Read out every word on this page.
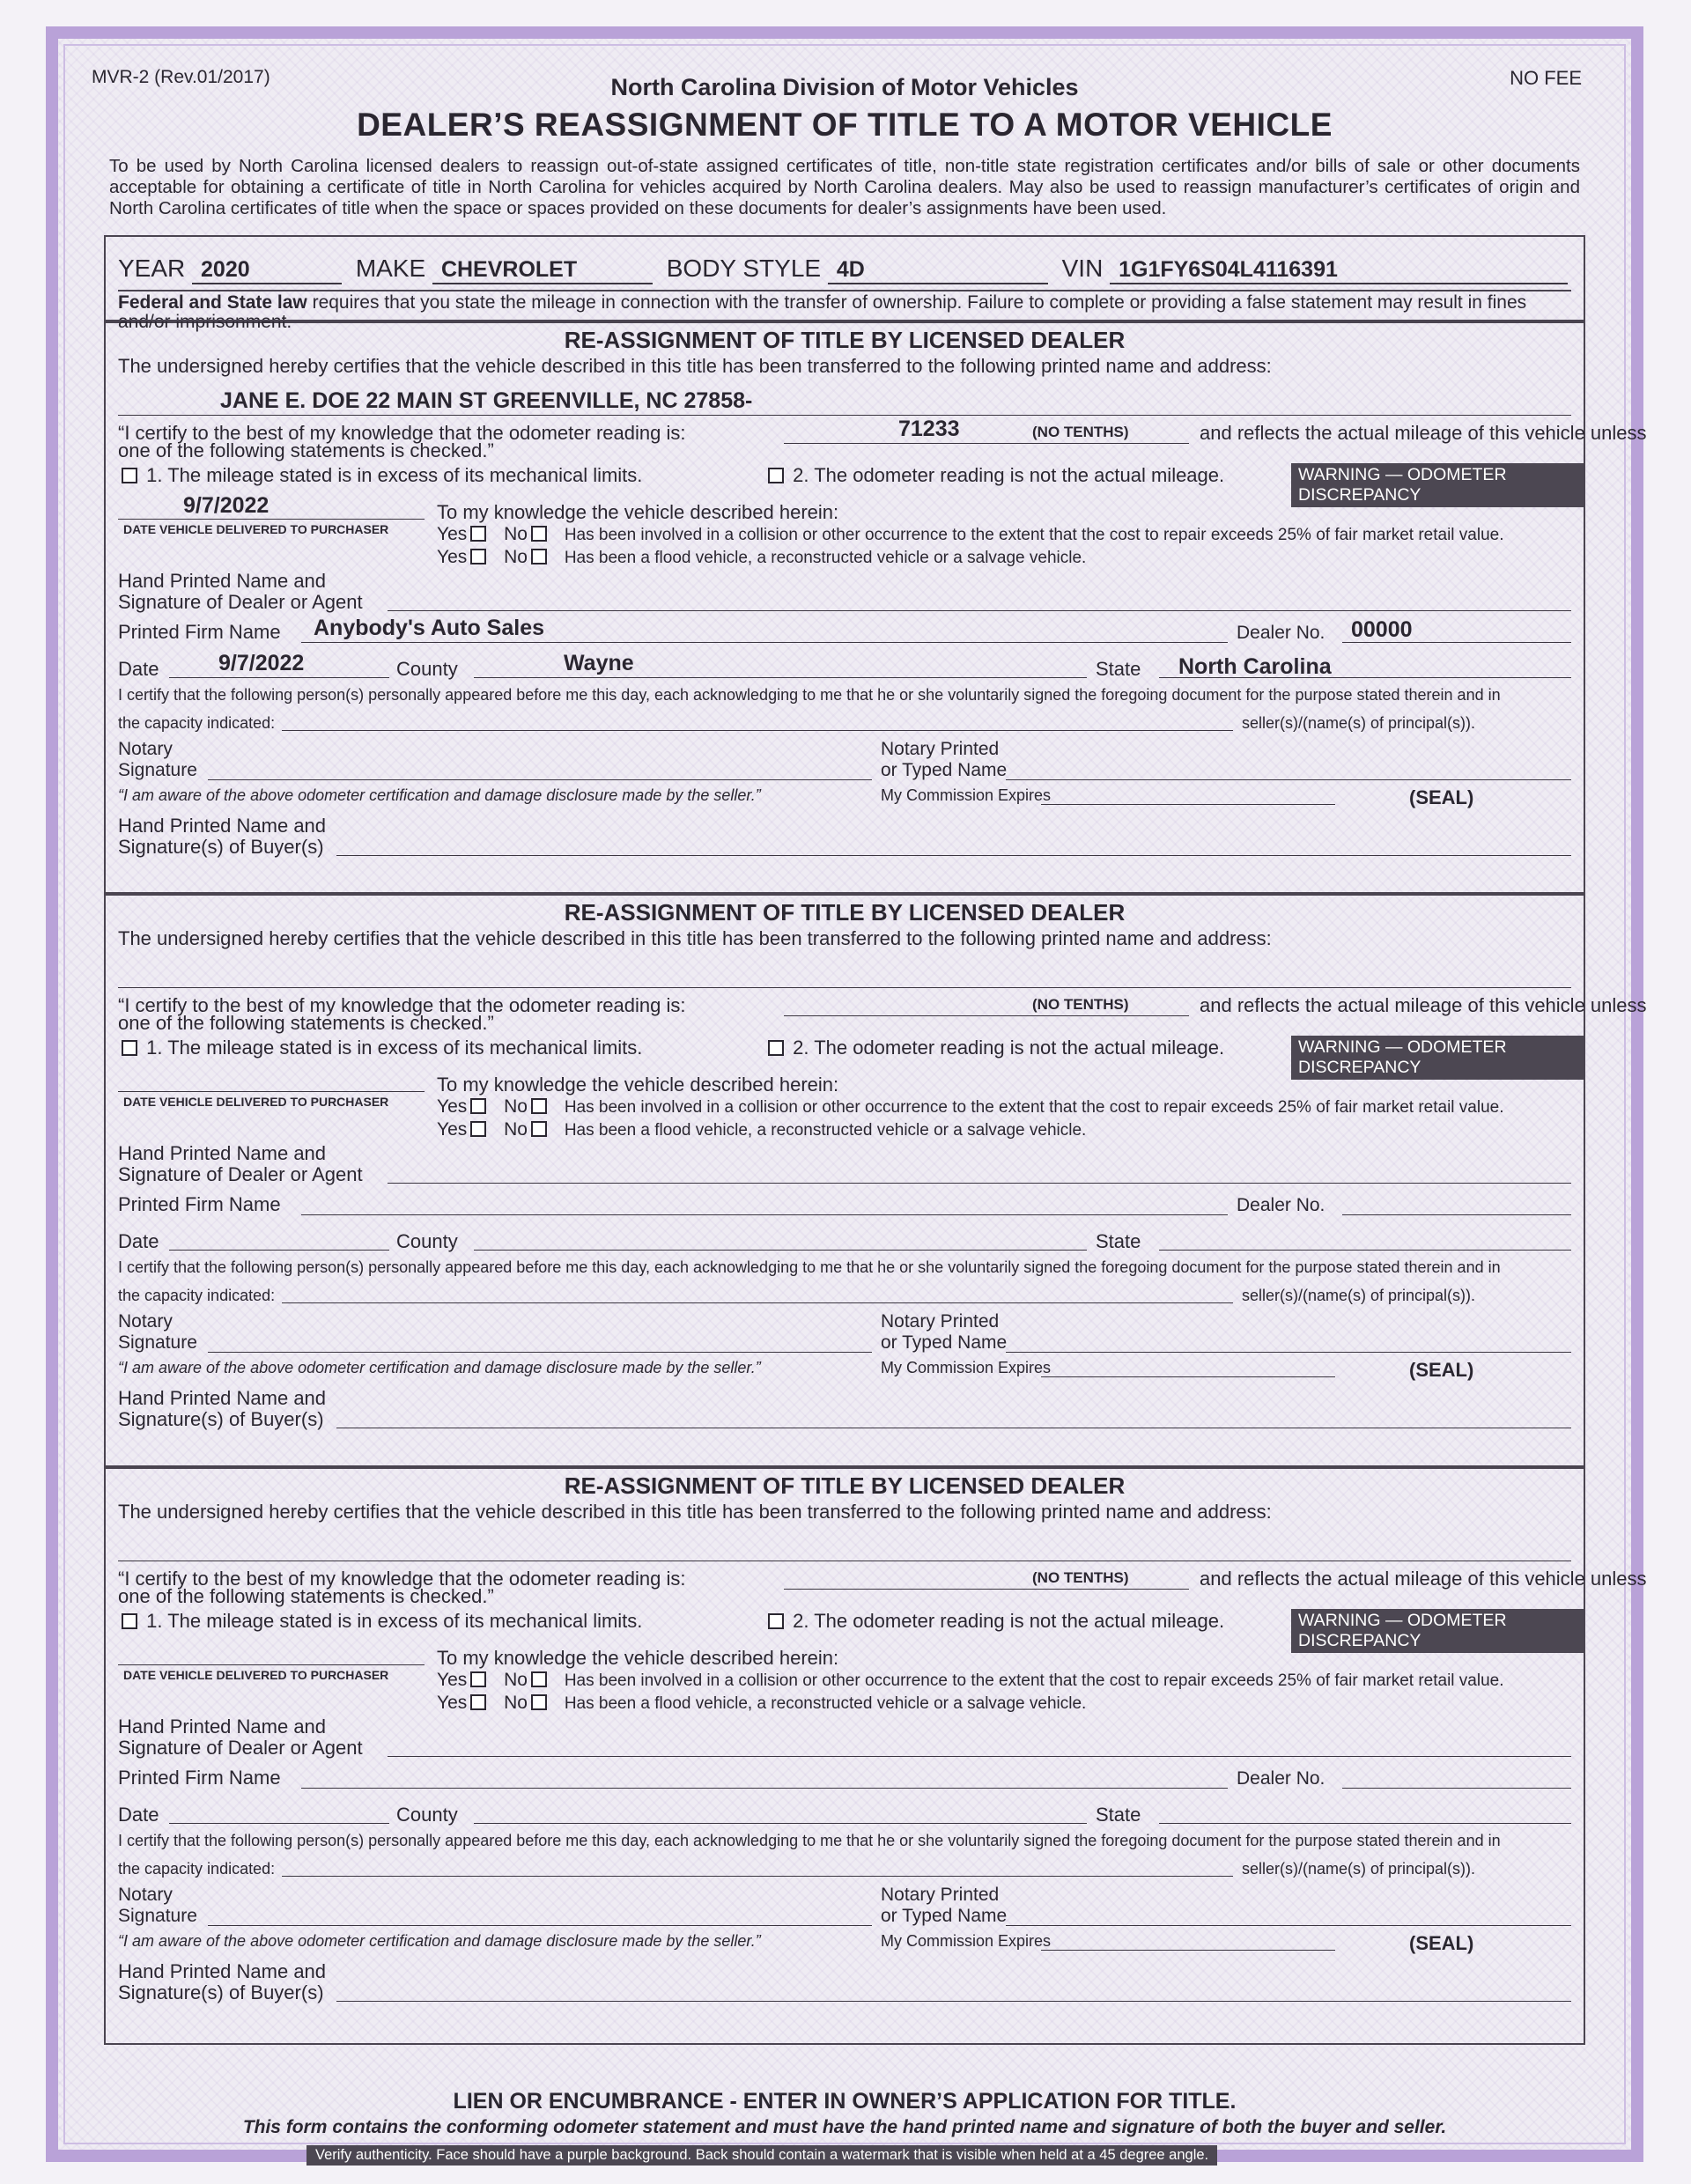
MVR-2 (Rev.01/2017)	NO FEE
North Carolina Division of Motor Vehicles
DEALER’S REASSIGNMENT OF TITLE TO A MOTOR VEHICLE
To be used by North Carolina licensed dealers to reassign out-of-state assigned certificates of title, non-title state registration certificates and/or bills of sale or other documents acceptable for obtaining a certificate of title in North Carolina for vehicles acquired by North Carolina dealers. May also be used to reassign manufacturer’s certificates of origin and North Carolina certificates of title when the space or spaces provided on these documents for dealer’s assignments have been used.
YEAR 2020	MAKE CHEVROLET	BODY STYLE 4D	VIN 1G1FY6S04L4116391
Federal and State law requires that you state the mileage in connection with the transfer of ownership. Failure to complete or providing a false statement may result in fines and/or imprisonment.
RE-ASSIGNMENT OF TITLE BY LICENSED DEALER
The undersigned hereby certifies that the vehicle described in this title has been transferred to the following printed name and address:
JANE E. DOE 22 MAIN ST GREENVILLE, NC 27858-
“I certify to the best of my knowledge that the odometer reading is:	71233	(NO TENTHS)	and reflects the actual mileage of this vehicle unless
one of the following statements is checked.”
1. The mileage stated is in excess of its mechanical limits.	2. The odometer reading is not the actual mileage.	WARNING — ODOMETER DISCREPANCY
9/7/2022
DATE VEHICLE DELIVERED TO PURCHASER
To my knowledge the vehicle described herein:
Yes No Has been involved in a collision or other occurrence to the extent that the cost to repair exceeds 25% of fair market retail value.
Yes No Has been a flood vehicle, a reconstructed vehicle or a salvage vehicle.
Hand Printed Name and
Signature of Dealer or Agent
Printed Firm Name Anybody's Auto Sales	Dealer No. 00000
Date	9/7/2022	County	Wayne	State North Carolina
I certify that the following person(s) personally appeared before me this day, each acknowledging to me that he or she voluntarily signed the foregoing document for the purpose stated therein and in
the capacity indicated:	seller(s)/(name(s) of principal(s)).
Notary
Signature
Notary Printed
or Typed Name
“I am aware of the above odometer certification and damage disclosure made by the seller.”	My Commission Expires	(SEAL)
Hand Printed Name and
Signature(s) of Buyer(s)
RE-ASSIGNMENT OF TITLE BY LICENSED DEALER
The undersigned hereby certifies that the vehicle described in this title has been transferred to the following printed name and address:
“I certify to the best of my knowledge that the odometer reading is:	(NO TENTHS)	and reflects the actual mileage of this vehicle unless
one of the following statements is checked.”
1. The mileage stated is in excess of its mechanical limits.	2. The odometer reading is not the actual mileage.	WARNING — ODOMETER DISCREPANCY
DATE VEHICLE DELIVERED TO PURCHASER
To my knowledge the vehicle described herein:
Yes No Has been involved in a collision or other occurrence to the extent that the cost to repair exceeds 25% of fair market retail value.
Yes No Has been a flood vehicle, a reconstructed vehicle or a salvage vehicle.
Hand Printed Name and
Signature of Dealer or Agent
Printed Firm Name	Dealer No.
Date	County	State
I certify that the following person(s) personally appeared before me this day, each acknowledging to me that he or she voluntarily signed the foregoing document for the purpose stated therein and in
the capacity indicated:	seller(s)/(name(s) of principal(s)).
Notary
Signature
Notary Printed
or Typed Name
“I am aware of the above odometer certification and damage disclosure made by the seller.”	My Commission Expires	(SEAL)
Hand Printed Name and
Signature(s) of Buyer(s)
RE-ASSIGNMENT OF TITLE BY LICENSED DEALER
The undersigned hereby certifies that the vehicle described in this title has been transferred to the following printed name and address:
“I certify to the best of my knowledge that the odometer reading is:	(NO TENTHS)	and reflects the actual mileage of this vehicle unless
one of the following statements is checked.”
1. The mileage stated is in excess of its mechanical limits.	2. The odometer reading is not the actual mileage.	WARNING — ODOMETER DISCREPANCY
DATE VEHICLE DELIVERED TO PURCHASER
To my knowledge the vehicle described herein:
Yes No Has been involved in a collision or other occurrence to the extent that the cost to repair exceeds 25% of fair market retail value.
Yes No Has been a flood vehicle, a reconstructed vehicle or a salvage vehicle.
Hand Printed Name and
Signature of Dealer or Agent
Printed Firm Name	Dealer No.
Date	County	State
I certify that the following person(s) personally appeared before me this day, each acknowledging to me that he or she voluntarily signed the foregoing document for the purpose stated therein and in
the capacity indicated:	seller(s)/(name(s) of principal(s)).
Notary
Signature
Notary Printed
or Typed Name
“I am aware of the above odometer certification and damage disclosure made by the seller.”	My Commission Expires	(SEAL)
Hand Printed Name and
Signature(s) of Buyer(s)
LIEN OR ENCUMBRANCE - ENTER IN OWNER’S APPLICATION FOR TITLE.
This form contains the conforming odometer statement and must have the hand printed name and signature of both the buyer and seller.
Verify authenticity. Face should have a purple background. Back should contain a watermark that is visible when held at a 45 degree angle.
